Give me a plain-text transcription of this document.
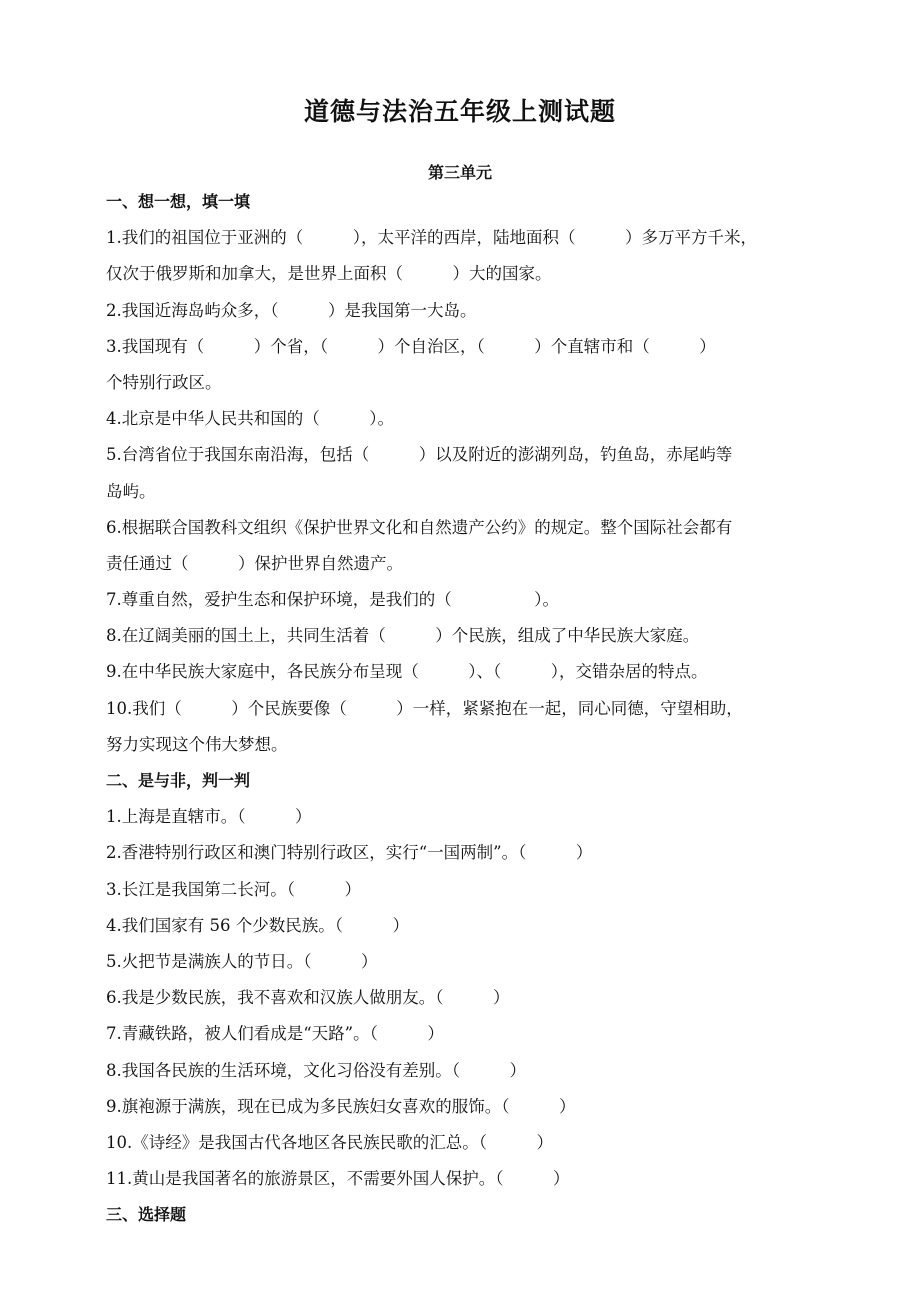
道德与法治五年级上测试题
第三单元
一、想一想，填一填
1.我们的祖国位于亚洲的（　　　），太平洋的西岸，陆地面积（　　　）多万平方千米，
仅次于俄罗斯和加拿大，是世界上面积（　　　）大的国家。
2.我国近海岛屿众多，（　　　）是我国第一大岛。
3.我国现有（　　　）个省，（　　　）个自治区，（　　　）个直辖市和（　　　）
个特别行政区。
4.北京是中华人民共和国的（　　　）。
5.台湾省位于我国东南沿海，包括（　　　）以及附近的澎湖列岛，钓鱼岛，赤尾屿等
岛屿。
6.根据联合国教科文组织《保护世界文化和自然遗产公约》的规定。整个国际社会都有
责任通过（　　　）保护世界自然遗产。
7.尊重自然，爱护生态和保护环境，是我们的（　　　　　）。
8.在辽阔美丽的国土上，共同生活着（　　　）个民族，组成了中华民族大家庭。
9.在中华民族大家庭中，各民族分布呈现（　　　）、（　　　），交错杂居的特点。
10.我们（　　　）个民族要像（　　　）一样，紧紧抱在一起，同心同德，守望相助，
努力实现这个伟大梦想。
二、是与非，判一判
1.上海是直辖市。（　　　）
2.香港特别行政区和澳门特别行政区，实行“一国两制”。（　　　）
3.长江是我国第二长河。（　　　）
4.我们国家有 56 个少数民族。（　　　）
5.火把节是满族人的节日。（　　　）
6.我是少数民族，我不喜欢和汉族人做朋友。（　　　）
7.青藏铁路，被人们看成是“天路”。（　　　）
8.我国各民族的生活环境，文化习俗没有差别。（　　　）
9.旗袍源于满族，现在已成为多民族妇女喜欢的服饰。（　　　）
10.《诗经》是我国古代各地区各民族民歌的汇总。（　　　）
11.黄山是我国著名的旅游景区，不需要外国人保护。（　　　）
三、选择题
